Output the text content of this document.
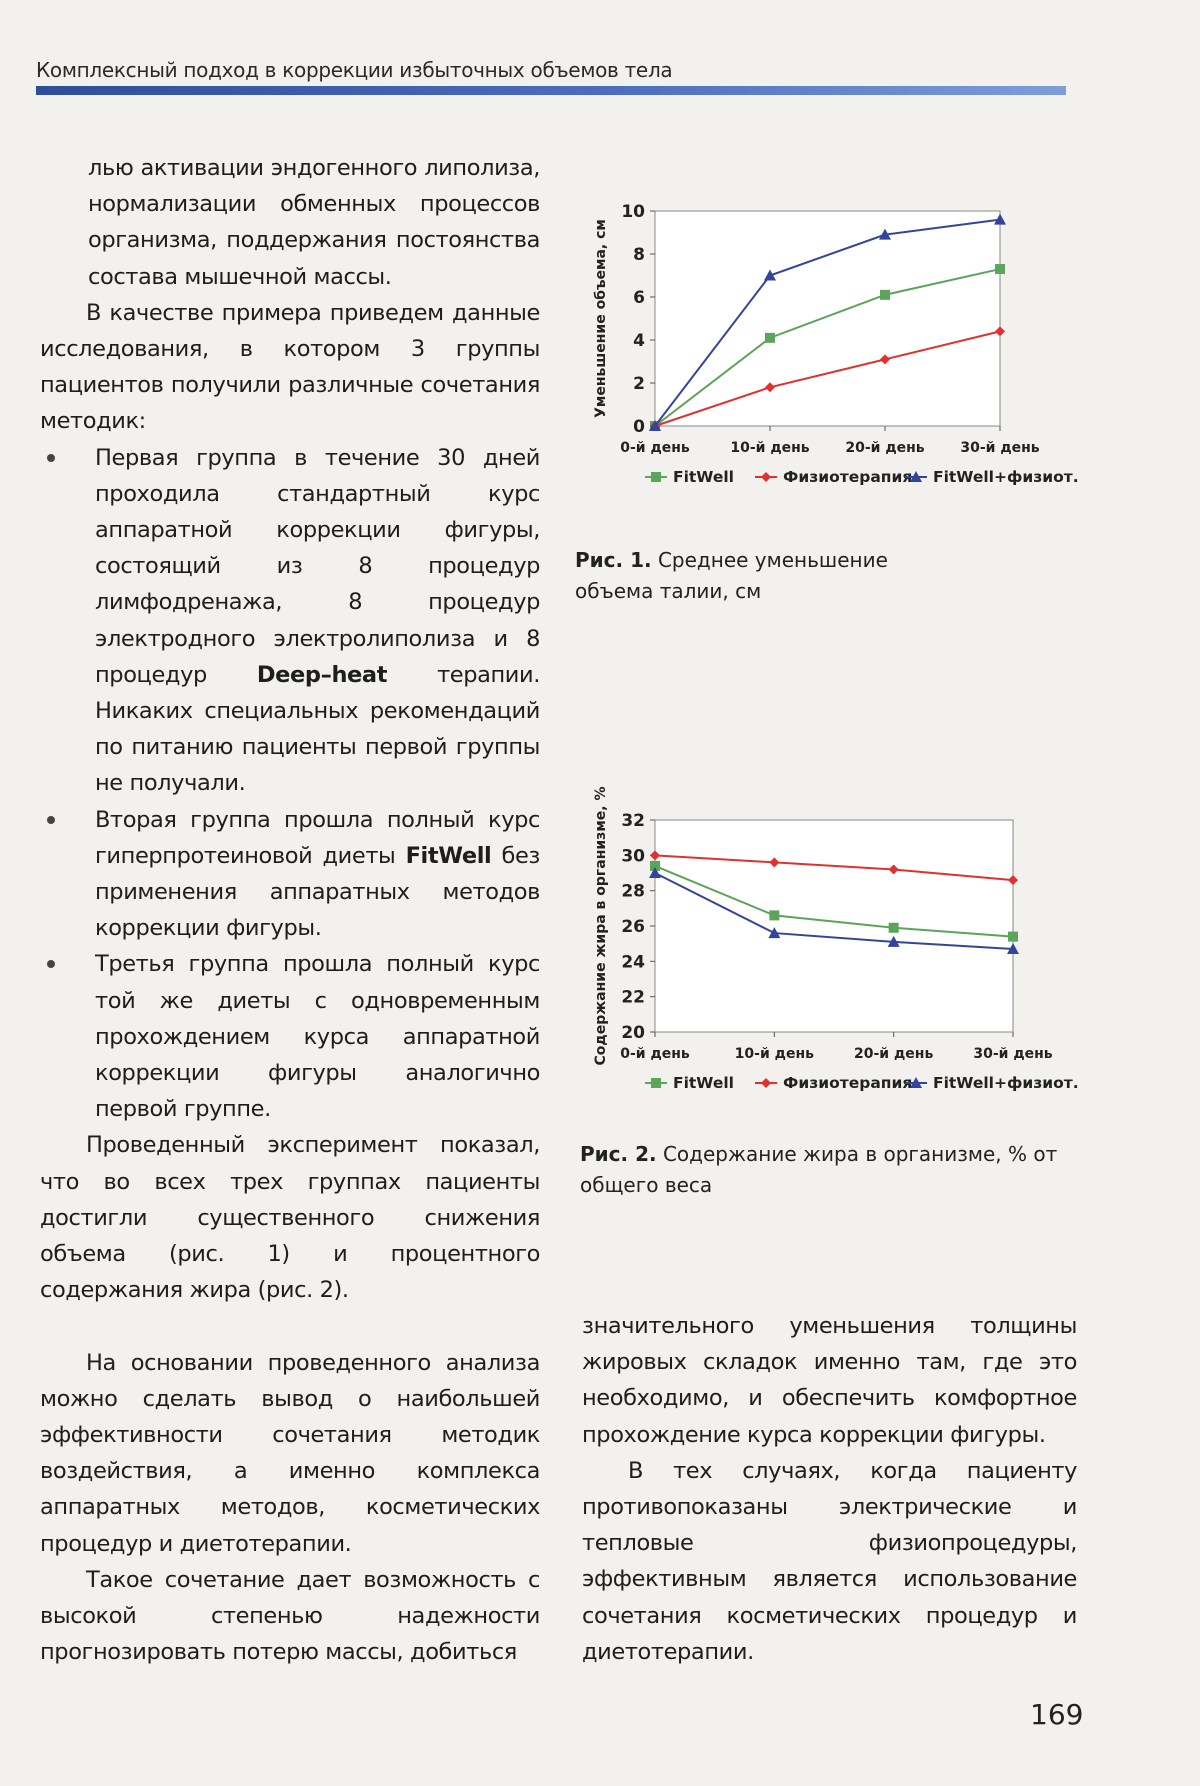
Комплексный подход в коррекции избыточных объемов тела

лью активации эндогенного липолиза, нормализации обменных процессов организма, поддержания постоянства состава мышечной массы.

В качестве примера приведем данные исследования, в котором 3 группы пациентов получили различные сочетания методик:

Первая группа в течение 30 дней проходила стандартный курс аппаратной коррекции фигуры, состоящий из 8 процедур лимфодренажа, 8 процедур электродного электролиполиза и 8 процедур Deep–heat терапии. Никаких специальных рекомендаций по питанию пациенты первой группы не получали.
Вторая группа прошла полный курс гиперпротеиновой диеты FitWell без применения аппаратных методов коррекции фигуры.
Третья группа прошла полный курс той же диеты с одновременным прохождением курса аппаратной коррекции фигуры аналогично первой группе.

Проведенный эксперимент показал, что во всех трех группах пациенты достигли существенного снижения объема (рис. 1) и процентного содержания жира (рис. 2).

На основании проведенного анализа можно сделать вывод о наибольшей эффективности сочетания методик воздействия, а именно комплекса аппаратных методов, косметических процедур и диетотерапии.

Такое сочетание дает возможность с высокой степенью надежности прогнозировать потерю массы, добиться

0
2
4
6
8
10
0-й день	10-й день	20-й день	30-й день
Уменьшение объема, см
FitWell	Физиотерапия FitWell+физиот.
Рис. 1. Среднее уменьшение объема талии, см
20
22
24
26
28
30
32
0-й день	10-й день	20-й день	30-й день
Содержание жира в организме, %
FitWell	Физиотерапия FitWell+физиот.
Рис. 2. Содержание жира в организме, % от общего веса

значительного уменьшения толщины жировых складок именно там, где это необходимо, и обеспечить комфортное прохождение курса коррекции фигуры.

В тех случаях, когда пациенту противопоказаны электрические и тепловые физиопроцедуры, эффективным является использование сочетания косметических процедур и диетотерапии.

169
